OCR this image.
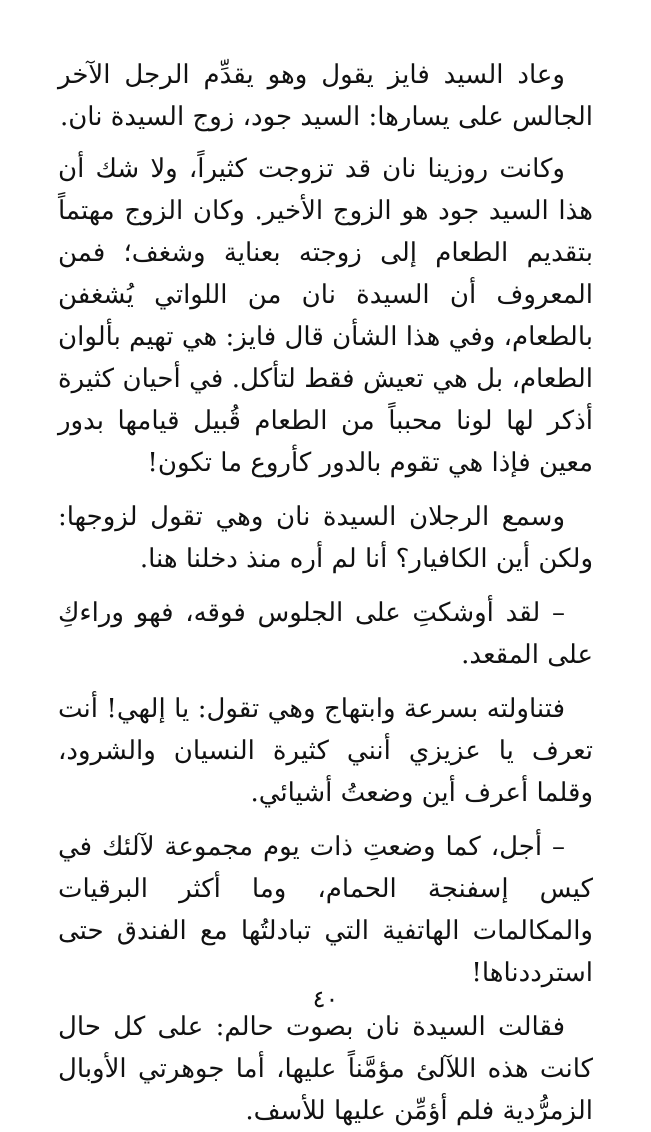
وعاد السيد فايز يقول وهو يقدِّم الرجل الآخر الجالس على يسارها: السيد جود، زوج السيدة نان.

وكانت روزينا نان قد تزوجت كثيراً، ولا شك أن هذا السيد جود هو الزوج الأخير. وكان الزوج مهتماً بتقديم الطعام إلى زوجته بعناية وشغف؛ فمن المعروف أن السيدة نان من اللواتي يُشغفن بالطعام، وفي هذا الشأن قال فايز: هي تهيم بألوان الطعام، بل هي تعيش فقط لتأكل. في أحيان كثيرة أذكر لها لونا محبباً من الطعام قُبيل قيامها بدور معين فإذا هي تقوم بالدور كأروع ما تكون!

وسمع الرجلان السيدة نان وهي تقول لزوجها: ولكن أين الكافيار؟ أنا لم أره منذ دخلنا هنا.

– لقد أوشكتِ على الجلوس فوقه، فهو وراءكِ على المقعد.

فتناولته بسرعة وابتهاج وهي تقول: يا إلهي! أنت تعرف يا عزيزي أنني كثيرة النسيان والشرود، وقلما أعرف أين وضعتُ أشيائي.

– أجل، كما وضعتِ ذات يوم مجموعة لآلئك في كيس إسفنجة الحمام، وما أكثر البرقيات والمكالمات الهاتفية التي تبادلتُها مع الفندق حتى استرددناها!

فقالت السيدة نان بصوت حالم: على كل حال كانت هذه اللآلئ مؤمَّناً عليها، أما جوهرتي الأوبال الزمرُّدية فلم أؤمِّن عليها للأسف.

٤٠
